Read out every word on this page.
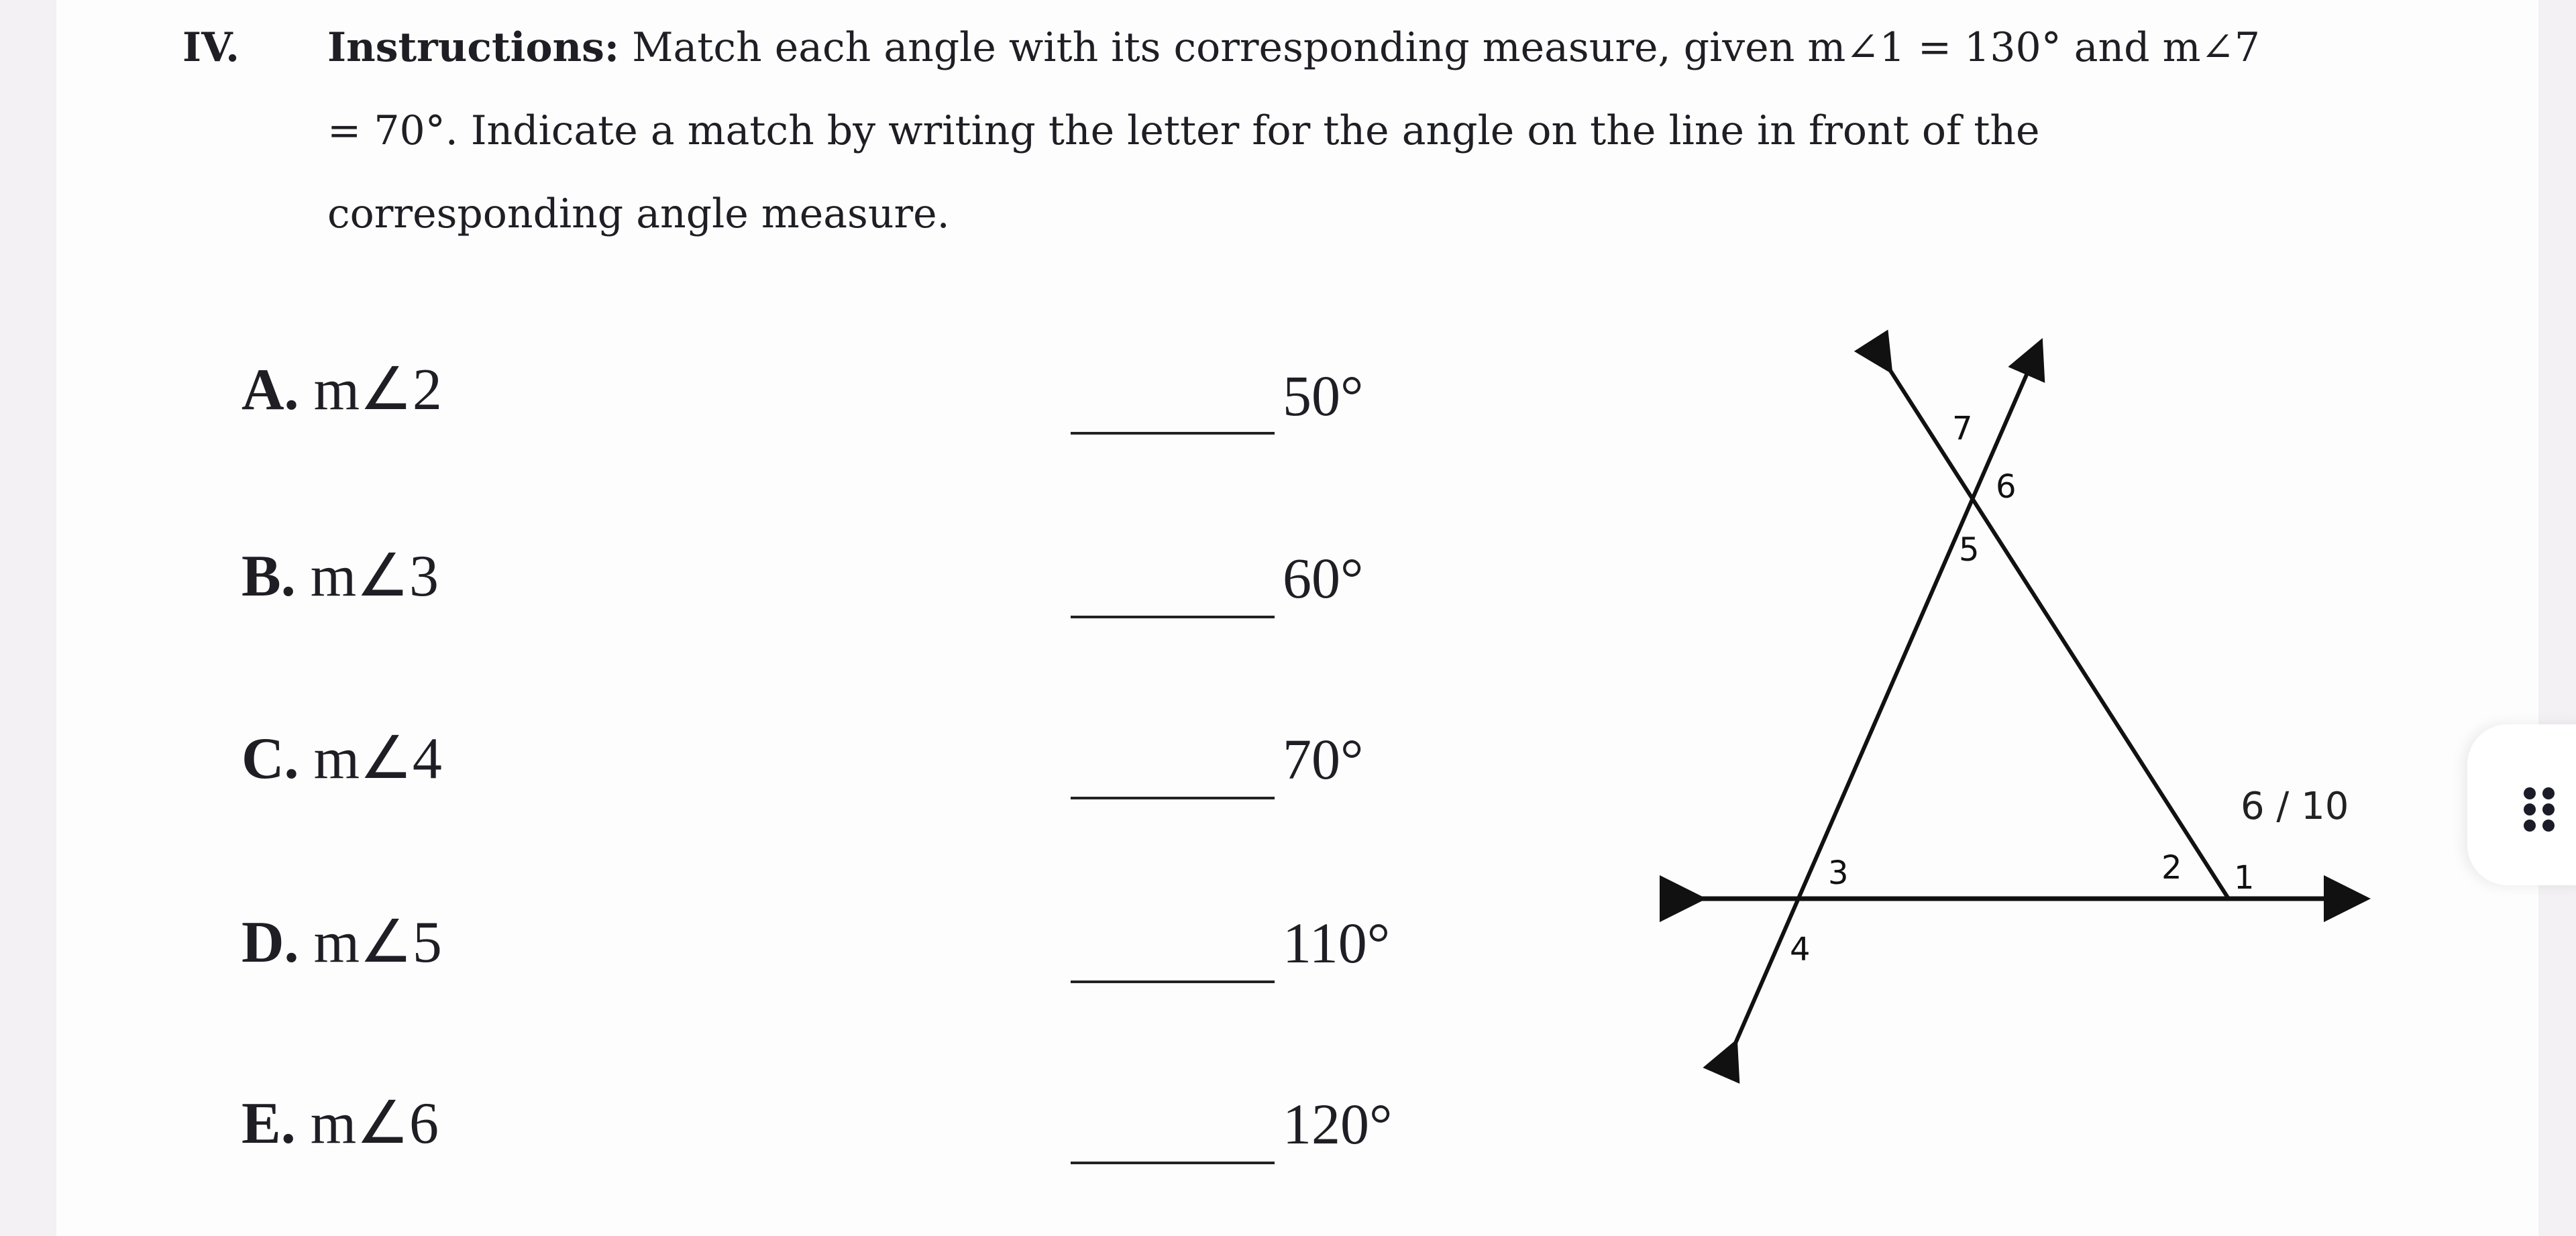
IV. Instructions: Match each angle with its corresponding measure, given m∠1 = 130° and m∠7
= 70°. Indicate a match by writing the letter for the angle on the line in front of the
corresponding angle measure.
A. m∠2
B. m∠3
C. m∠4
D. m∠5
E. m∠6
50°
60°
70°
110°
120°
7
6
5
3	2 1
4
6 / 10
